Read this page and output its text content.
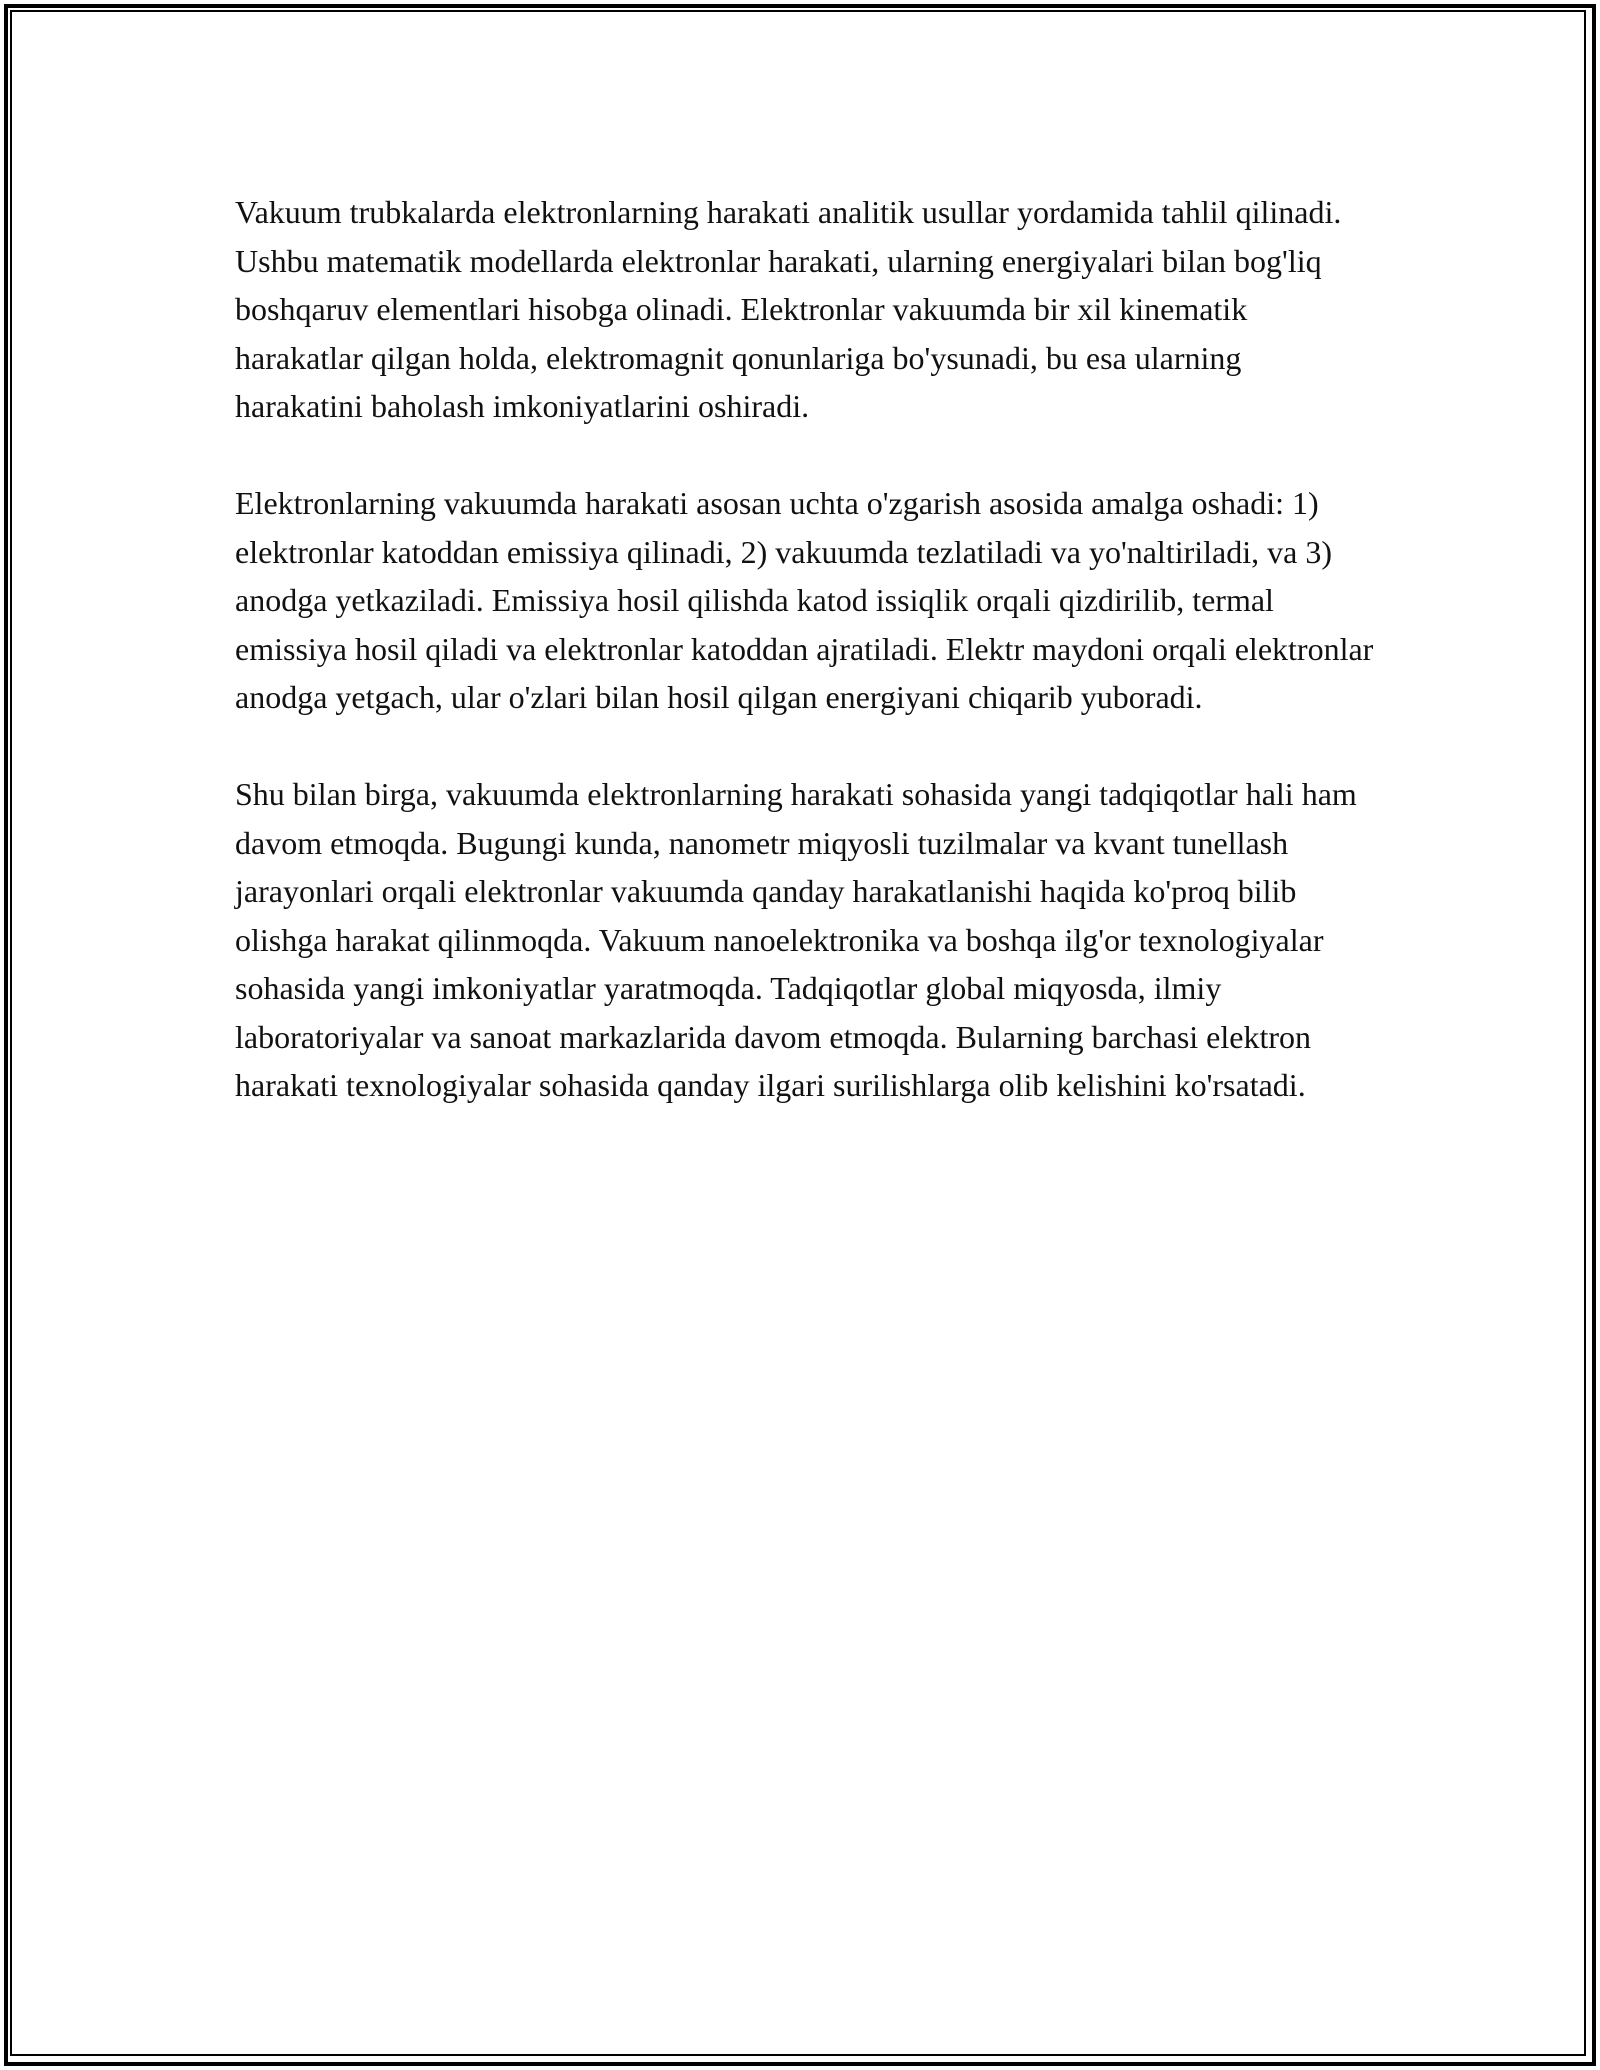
Vakuum trubkalarda elektronlarning harakati analitik usullar yordamida tahlil qilinadi. Ushbu matematik modellarda elektronlar harakati, ularning energiyalari bilan bog'liq boshqaruv elementlari hisobga olinadi. Elektronlar vakuumda bir xil kinematik harakatlar qilgan holda, elektromagnit qonunlariga bo'ysunadi, bu esa ularning harakatini baholash imkoniyatlarini oshiradi.

Elektronlarning vakuumda harakati asosan uchta o'zgarish asosida amalga oshadi: 1) elektronlar katoddan emissiya qilinadi, 2) vakuumda tezlatiladi va yo'naltiriladi, va 3) anodga yetkaziladi. Emissiya hosil qilishda katod issiqlik orqali qizdirilib, termal emissiya hosil qiladi va elektronlar katoddan ajratiladi. Elektr maydoni orqali elektronlar anodga yetgach, ular o'zlari bilan hosil qilgan energiyani chiqarib yuboradi.

Shu bilan birga, vakuumda elektronlarning harakati sohasida yangi tadqiqotlar hali ham davom etmoqda. Bugungi kunda, nanometr miqyosli tuzilmalar va kvant tunellash jarayonlari orqali elektronlar vakuumda qanday harakatlanishi haqida ko'proq bilib olishga harakat qilinmoqda. Vakuum nanoelektronika va boshqa ilg'or texnologiyalar sohasida yangi imkoniyatlar yaratmoqda. Tadqiqotlar global miqyosda, ilmiy laboratoriyalar va sanoat markazlarida davom etmoqda. Bularning barchasi elektron harakati texnologiyalar sohasida qanday ilgari surilishlarga olib kelishini ko'rsatadi.
